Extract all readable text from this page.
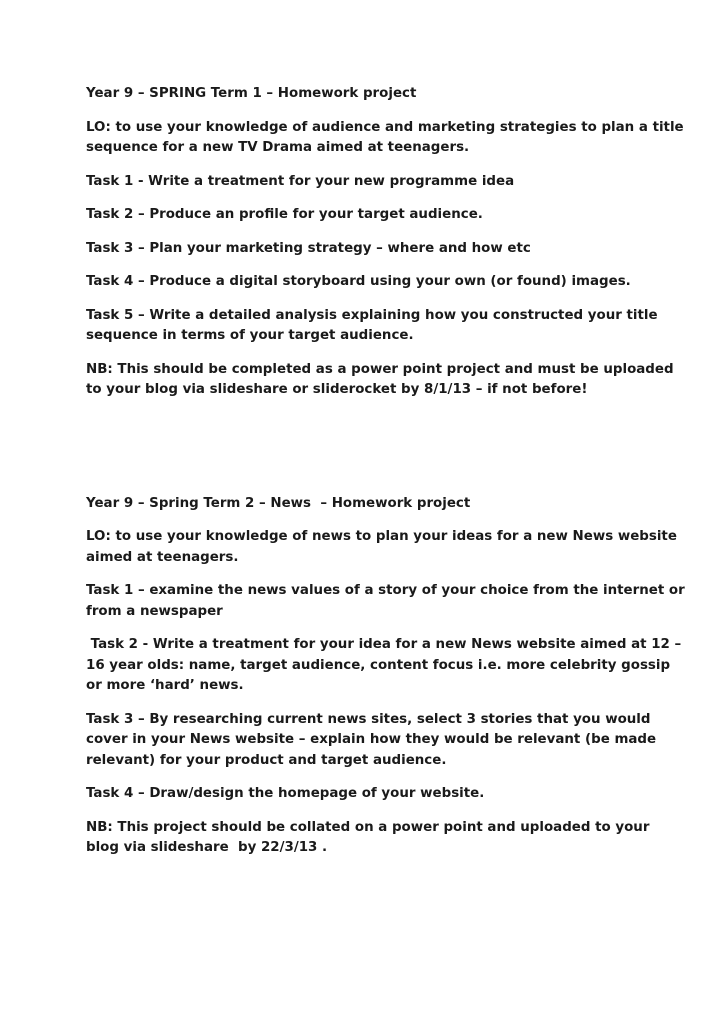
Year 9 – SPRING Term 1 – Homework project

LO: to use your knowledge of audience and marketing strategies to plan a title sequence for a new TV Drama aimed at teenagers.

Task 1 - Write a treatment for your new programme idea

Task 2 – Produce an profile for your target audience.

Task 3 – Plan your marketing strategy – where and how etc

Task 4 – Produce a digital storyboard using your own (or found) images.

Task 5 – Write a detailed analysis explaining how you constructed your title sequence in terms of your target audience.

NB: This should be completed as a power point project and must be uploaded to your blog via slideshare or sliderocket by 8/1/13 – if not before!

Year 9 – Spring Term 2 – News  – Homework project

LO: to use your knowledge of news to plan your ideas for a new News website aimed at teenagers.

Task 1 – examine the news values of a story of your choice from the internet or from a newspaper

Task 2 - Write a treatment for your idea for a new News website aimed at 12 – 16 year olds: name, target audience, content focus i.e. more celebrity gossip or more ‘hard’ news.

Task 3 – By researching current news sites, select 3 stories that you would cover in your News website – explain how they would be relevant (be made relevant) for your product and target audience.

Task 4 – Draw/design the homepage of your website.

NB: This project should be collated on a power point and uploaded to your blog via slideshare  by 22/3/13 .
